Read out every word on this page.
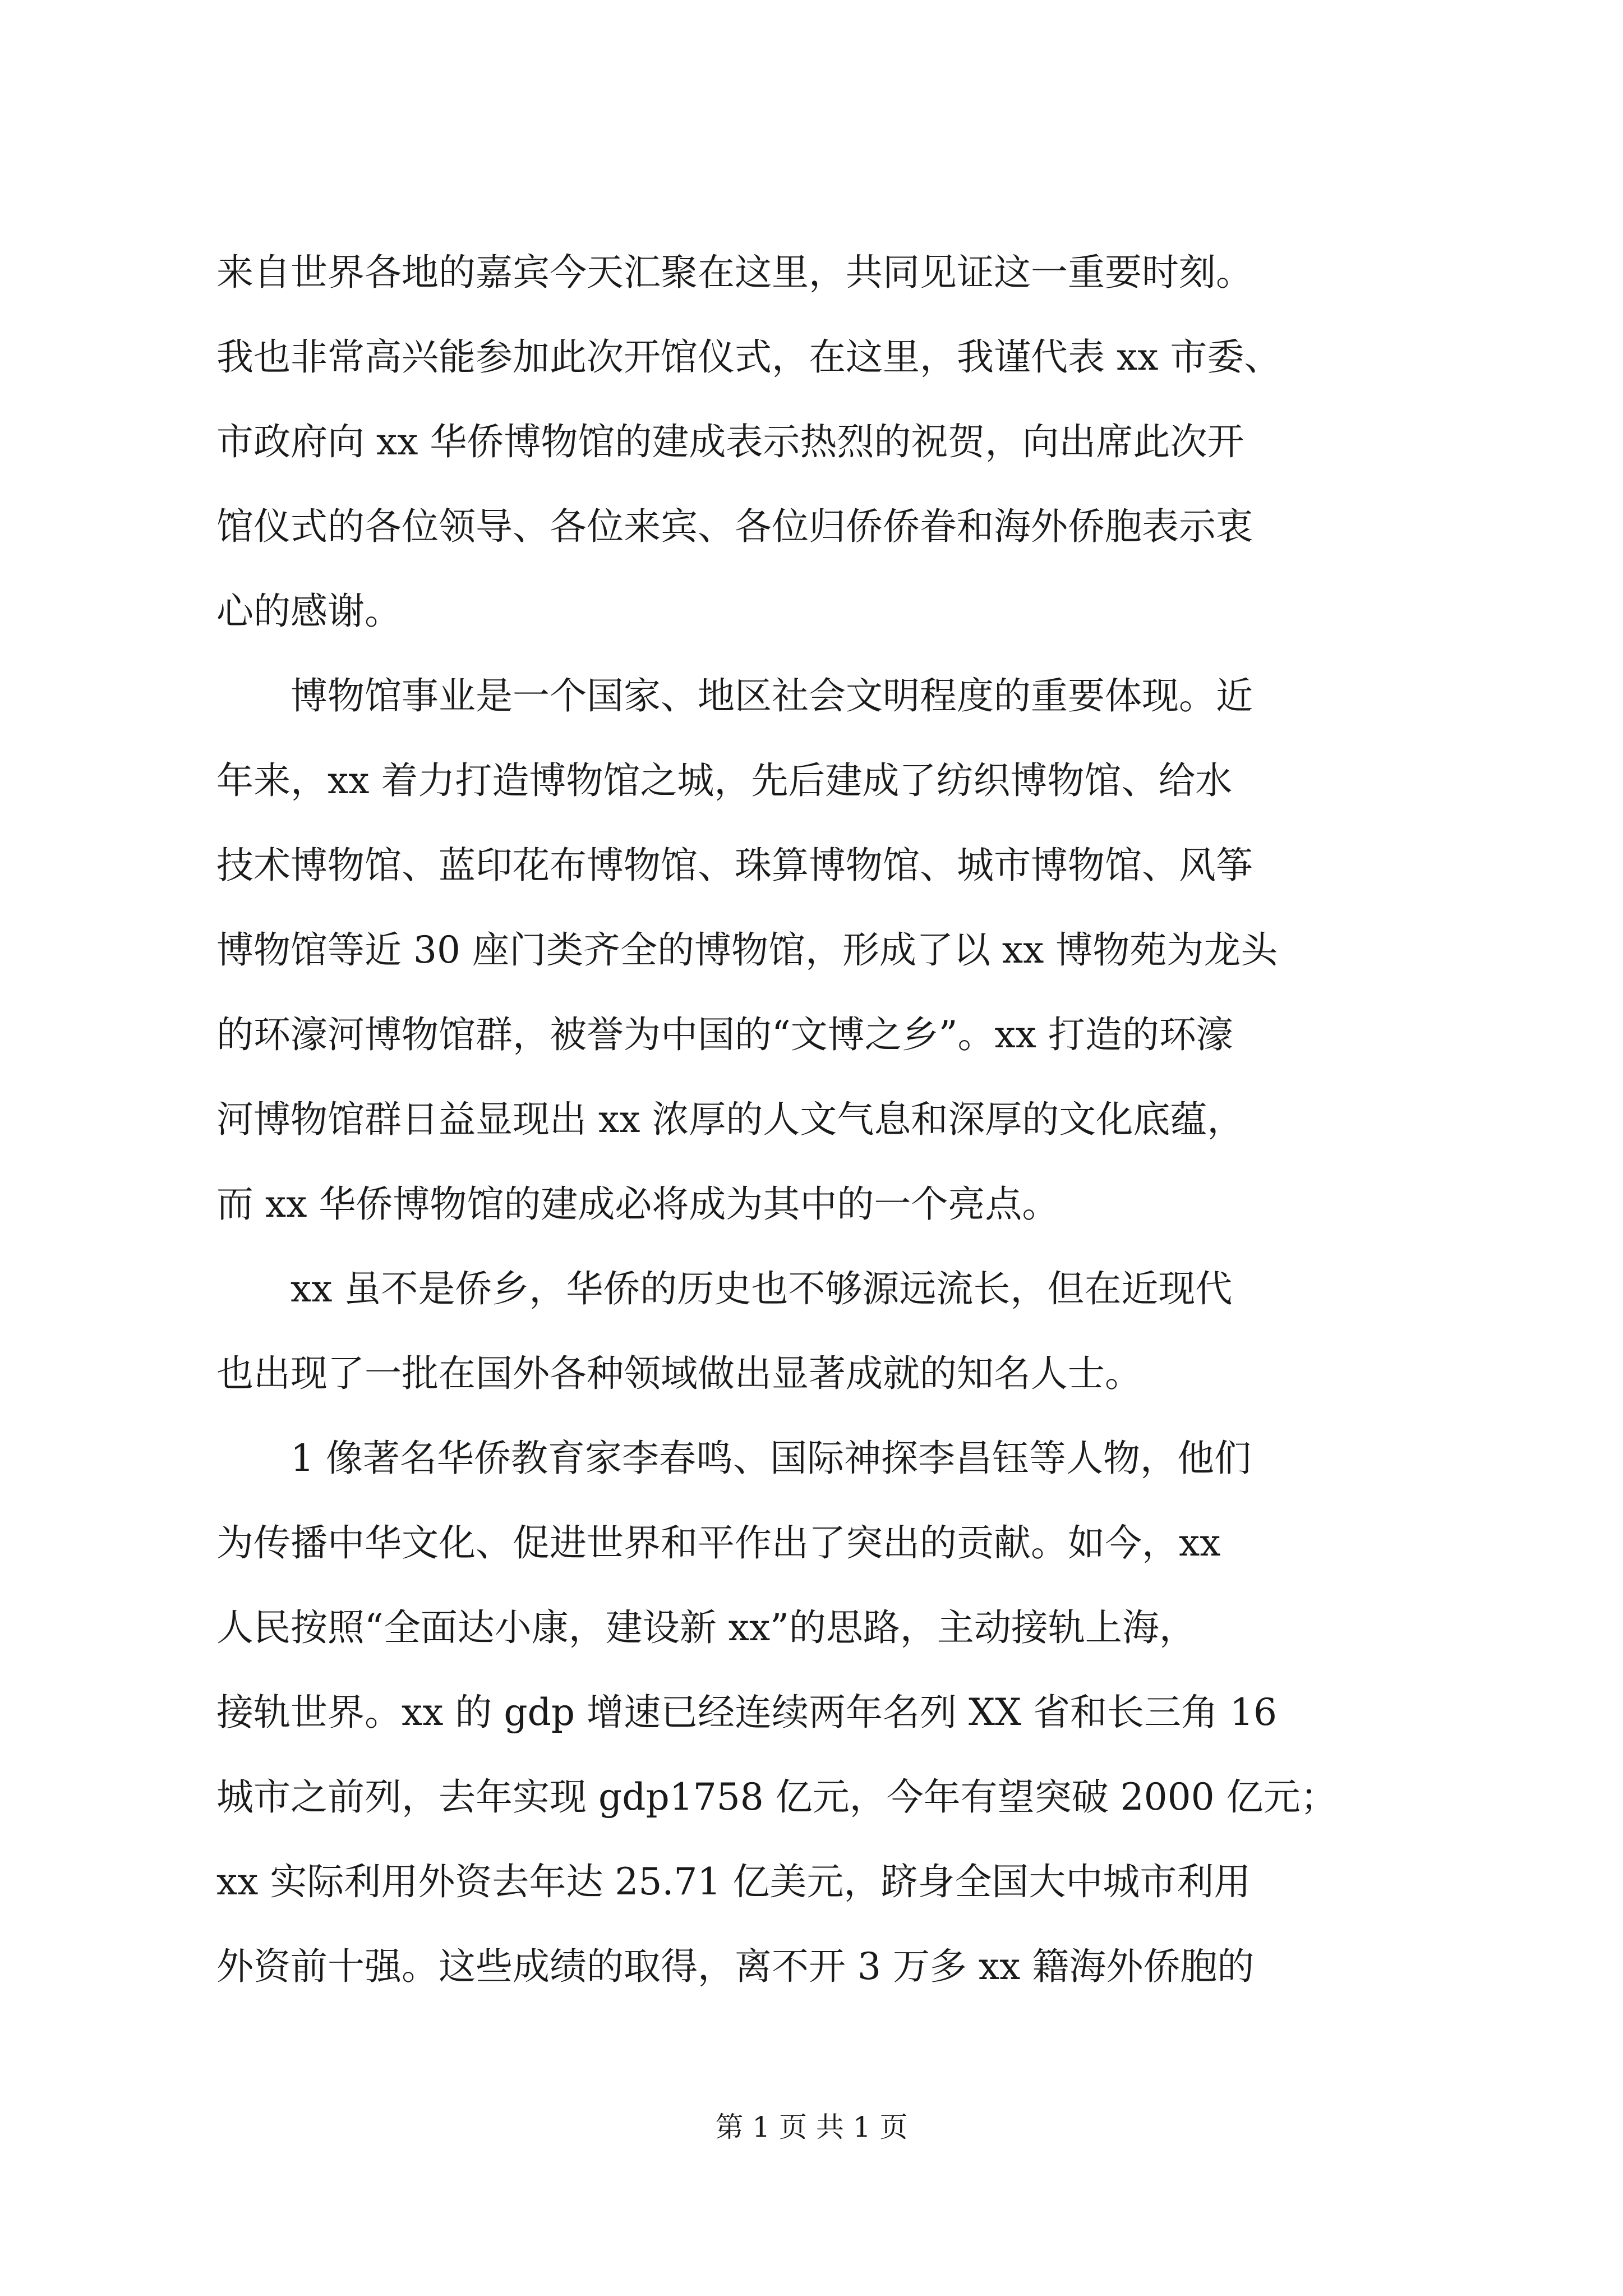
来自世界各地的嘉宾今天汇聚在这里，共同见证这一重要时刻。
我也非常高兴能参加此次开馆仪式，在这里，我谨代表 xx 市委、
市政府向 xx 华侨博物馆的建成表示热烈的祝贺，向出席此次开
馆仪式的各位领导、各位来宾、各位归侨侨眷和海外侨胞表示衷
心的感谢。
　　博物馆事业是一个国家、地区社会文明程度的重要体现。近
年来，xx 着力打造博物馆之城，先后建成了纺织博物馆、给水
技术博物馆、蓝印花布博物馆、珠算博物馆、城市博物馆、风筝
博物馆等近 30 座门类齐全的博物馆，形成了以 xx 博物苑为龙头
的环濠河博物馆群，被誉为中国的“文博之乡”。xx 打造的环濠
河博物馆群日益显现出 xx 浓厚的人文气息和深厚的文化底蕴，
而 xx 华侨博物馆的建成必将成为其中的一个亮点。
　　xx 虽不是侨乡，华侨的历史也不够源远流长，但在近现代
也出现了一批在国外各种领域做出显著成就的知名人士。
　　1 像著名华侨教育家李春鸣、国际神探李昌钰等人物，他们
为传播中华文化、促进世界和平作出了突出的贡献。如今，xx
人民按照“全面达小康，建设新 xx”的思路，主动接轨上海，
接轨世界。xx 的 gdp 增速已经连续两年名列 XX 省和长三角 16
城市之前列，去年实现 gdp1758 亿元，今年有望突破 2000 亿元；
xx 实际利用外资去年达 25.71 亿美元，跻身全国大中城市利用
外资前十强。这些成绩的取得，离不开 3 万多 xx 籍海外侨胞的
第 1 页 共 1 页
